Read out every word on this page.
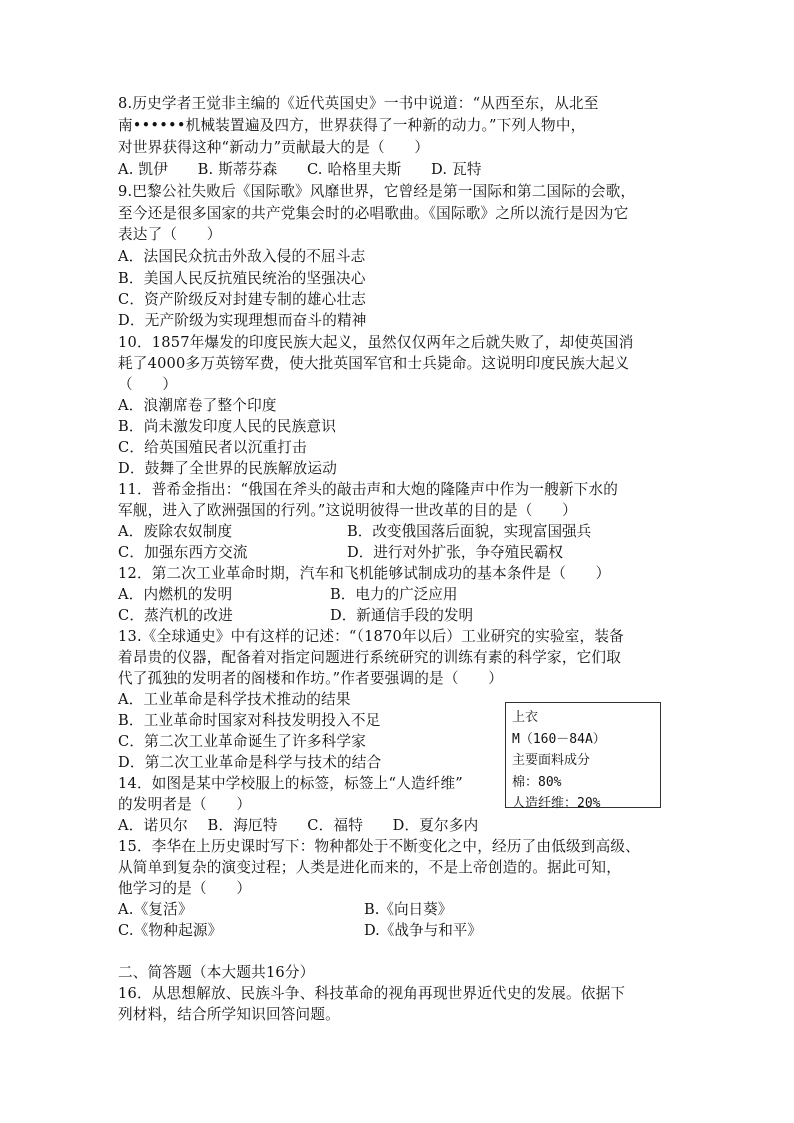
8.历史学者王觉非主编的《近代英国史》一书中说道：“从西至东，从北至
南••••••机械装置遍及四方，世界获得了一种新的动力。”下列人物中，
对世界获得这种“新动力”贡献最大的是（　　）
A. 凯伊　　B. 斯蒂芬森　　C. 哈格里夫斯　　D. 瓦特
9.巴黎公社失败后《国际歌》风靡世界，它曾经是第一国际和第二国际的会歌，
至今还是很多国家的共产党集会时的必唱歌曲。《国际歌》之所以流行是因为它
表达了（　　）
A．法国民众抗击外敌入侵的不屈斗志
B．美国人民反抗殖民统治的坚强决心
C．资产阶级反对封建专制的雄心壮志
D．无产阶级为实现理想而奋斗的精神
10．1857年爆发的印度民族大起义，虽然仅仅两年之后就失败了，却使英国消
耗了4000多万英镑军费，使大批英国军官和士兵毙命。这说明印度民族大起义
（　　）
A．浪潮席卷了整个印度
B．尚未激发印度人民的民族意识
C．给英国殖民者以沉重打击
D．鼓舞了全世界的民族解放运动
11．普希金指出：“俄国在斧头的敲击声和大炮的隆隆声中作为一艘新下水的
军舰，进入了欧洲强国的行列。”这说明彼得一世改革的目的是（　　）
A．废除农奴制度	B．改变俄国落后面貌，实现富国强兵
C．加强东西方交流	D．进行对外扩张，争夺殖民霸权
12．第二次工业革命时期，汽车和飞机能够试制成功的基本条件是（　　）
A．内燃机的发明	B．电力的广泛应用
C．蒸汽机的改进	D．新通信手段的发明
13.《全球通史》中有这样的记述：“（1870年以后）工业研究的实验室，装备
着昂贵的仪器，配备着对指定问题进行系统研究的训练有素的科学家，它们取
代了孤独的发明者的阁楼和作坊。”作者要强调的是（　　）
A．工业革命是科学技术推动的结果
B．工业革命时国家对科技发明投入不足
C．第二次工业革命诞生了许多科学家
D．第二次工业革命是科学与技术的结合
14．如图是某中学校服上的标签，标签上“人造纤维”
的发明者是（　　）
A．诺贝尔　 B．海厄特　　C．福特　　D．夏尔多内
上衣
M（160－84A）
主要面料成分
棉：80%
人造纤维：20%
15．李华在上历史课时写下：物种都处于不断变化之中，经历了由低级到高级、
从简单到复杂的演变过程；人类是进化而来的，不是上帝创造的。据此可知，
他学习的是（　　）
A.《复活》	B.《向日葵》
C.《物种起源》	D.《战争与和平》
二、简答题（本大题共16分）
16．从思想解放、民族斗争、科技革命的视角再现世界近代史的发展。依据下
列材料，结合所学知识回答问题。
